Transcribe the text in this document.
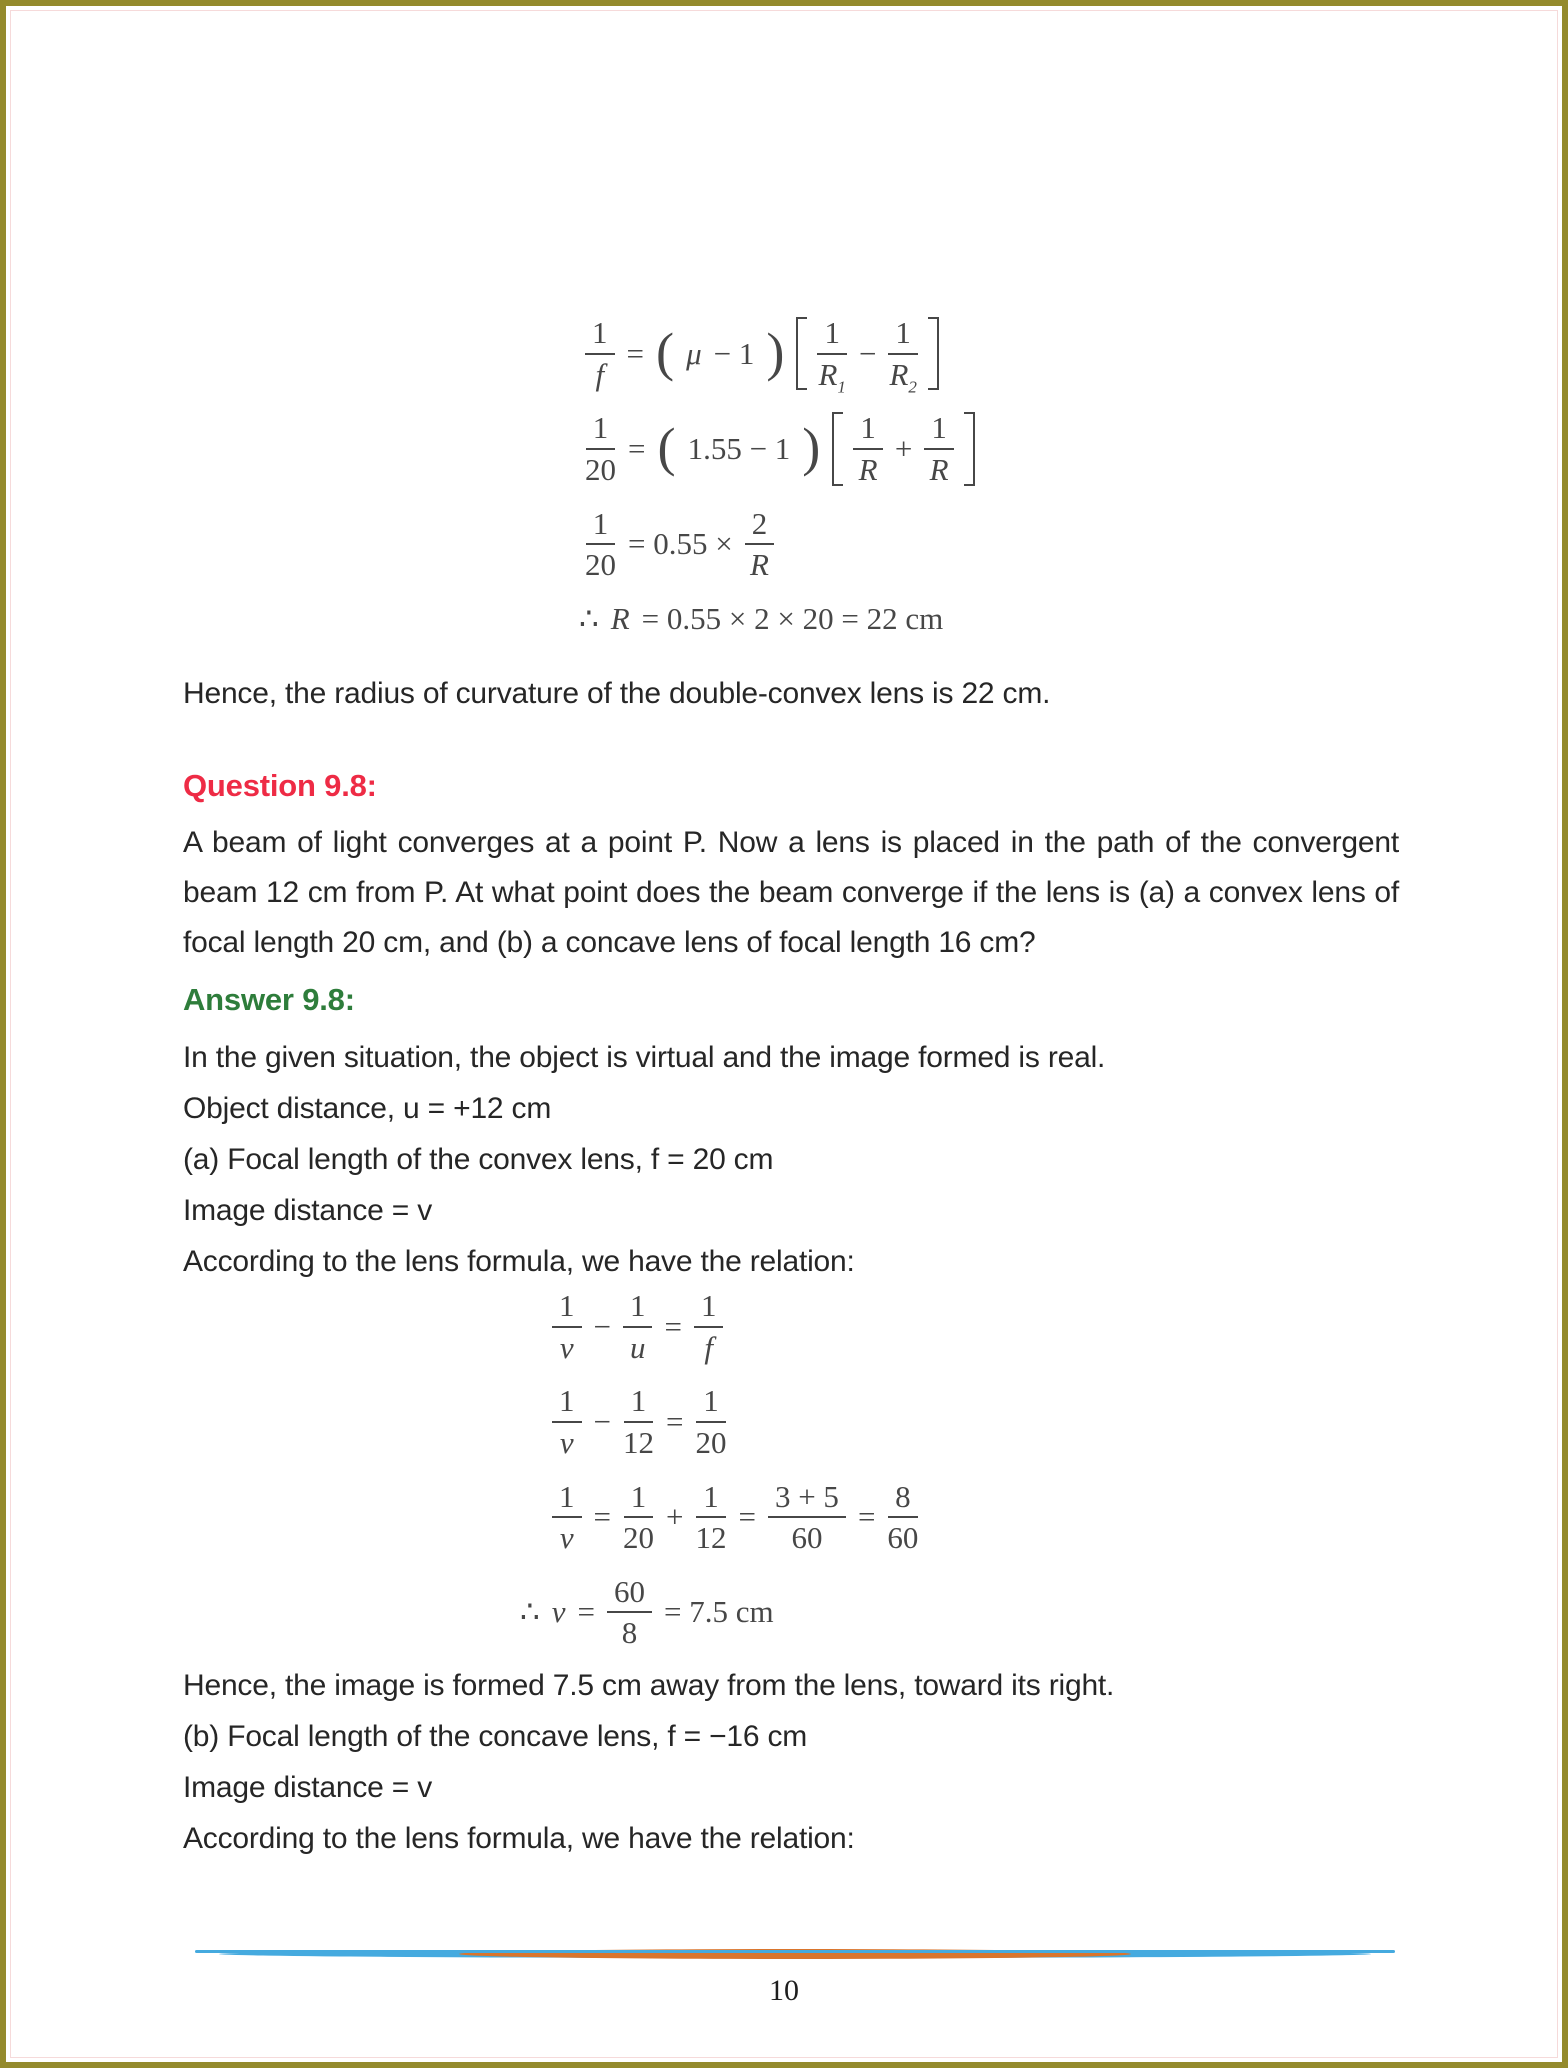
$\frac{1}{f}$ = ( μ − 1 ) $\frac{1}{R_1} - \frac{1}{R_2}$
$\frac{1}{20}$ = ( 1.55 − 1 ) $\frac{1}{R} + \frac{1}{R}$
$\frac{1}{20} = 0.55 \times \frac{2}{R}$
∴ R = 0.55 × 2 × 20 = 22 cm
Hence, the radius of curvature of the double-convex lens is 22 cm.
Question 9.8:
A beam of light converges at a point P. Now a lens is placed in the path of the convergent beam 12 cm from P. At what point does the beam converge if the lens is (a) a convex lens of focal length 20 cm, and (b) a concave lens of focal length 16 cm?
Answer 9.8:
In the given situation, the object is virtual and the image formed is real.
Object distance, u = +12 cm
(a) Focal length of the convex lens, f = 20 cm
Image distance = v
According to the lens formula, we have the relation:
$\frac{1}{v} - \frac{1}{u} = \frac{1}{f}$
$\frac{1}{v} - \frac{1}{12} = \frac{1}{20}$
$\frac{1}{v} = \frac{1}{20} + \frac{1}{12} = \frac{3 + 5}{60} = \frac{8}{60}$
∴ $v = \frac{60}{8} = 7.5$ cm
Hence, the image is formed 7.5 cm away from the lens, toward its right.
(b) Focal length of the concave lens, f = −16 cm
Image distance = v
According to the lens formula, we have the relation:
10
